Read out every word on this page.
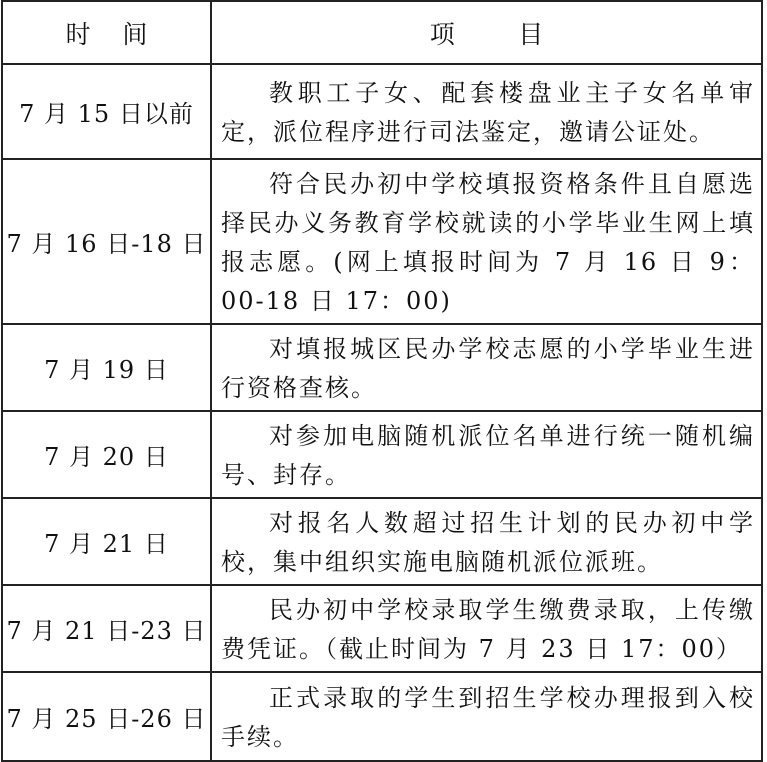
时    间	项        目
7 月 15 日以前	教职工子女、配套楼盘业主子女名单审定，派位程序进行司法鉴定，邀请公证处。
7 月 16 日-18 日	符合民办初中学校填报资格条件且自愿选择民办义务教育学校就读的小学毕业生网上填报志愿。(网上填报时间为 7 月 16 日 9：00-18 日 17：00)
7 月 19 日	对填报城区民办学校志愿的小学毕业生进行资格查核。
7 月 20 日	对参加电脑随机派位名单进行统一随机编号、封存。
7 月 21 日	对报名人数超过招生计划的民办初中学校，集中组织实施电脑随机派位派班。
7 月 21 日-23 日	民办初中学校录取学生缴费录取，上传缴费凭证。（截止时间为 7 月 23 日 17：00）
7 月 25 日-26 日	正式录取的学生到招生学校办理报到入校手续。
